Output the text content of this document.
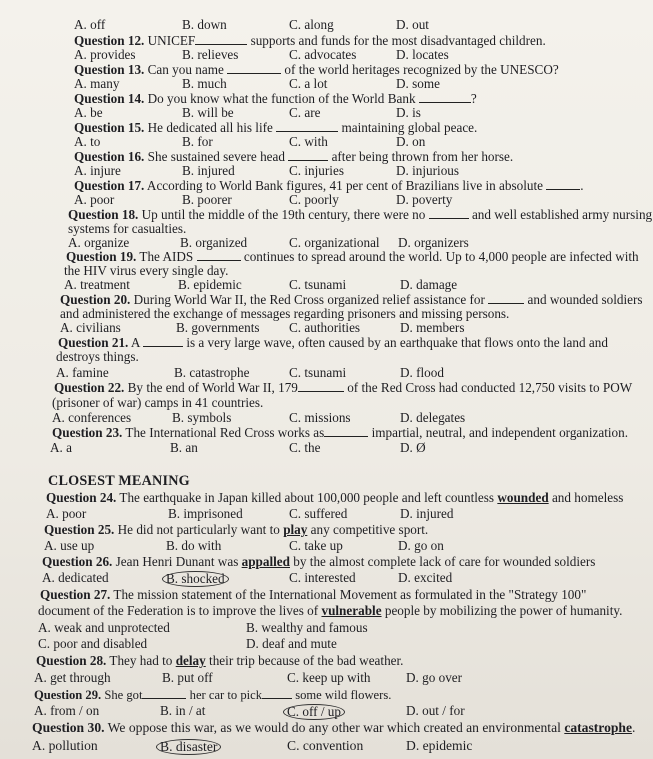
A. off	B. down	C. along	D. out
Question 12. UNICEF	supports and funds for the most disadvantaged children.
A. provides	B. relieves	C. advocates	D. locates
Question 13. Can you name	of the world heritages recognized by the UNESCO?
A. many	B. much	C. a lot	D. some
Question 14. Do you know what the function of the World Bank	?
A. be	B. will be	C. are	D. is
Question 15. He dedicated all his life	maintaining global peace.
A. to	B. for	C. with	D. on
Question 16. She sustained severe head	after being thrown from her horse.
A. injure	B. injured	C. injuries	D. injurious
Question 17. According to World Bank figures, 41 per cent of Brazilians live in absolute	.
A. poor	B. poorer	C. poorly	D. poverty
Question 18. Up until the middle of the 19th century, there were no	and well established army nursing
systems for casualties.
A. organize	B. organized	C. organizational D. organizers
Question 19. The AIDS	continues to spread around the world. Up to 4,000 people are infected with
the HIV virus every single day.
A. treatment	B. epidemic	C. tsunami	D. damage
Question 20. During World War II, the Red Cross organized relief assistance for	and wounded soldiers
and administered the exchange of messages regarding prisoners and missing persons.
A. civilians	B. governments C. authorities	D. members
Question 21. A	is a very large wave, often caused by an earthquake that flows onto the land and
destroys things.
A. famine	B. catastrophe	C. tsunami	D. flood
Question 22. By the end of World War II, 179	of the Red Cross had conducted 12,750 visits to POW
(prisoner of war) camps in 41 countries.
A. conferences	B. symbols	C. missions	D. delegates
Question 23. The International Red Cross works as	impartial, neutral, and independent organization.
A. a	B. an	C. the	D. Ø
CLOSEST MEANING
Question 24. The earthquake in Japan killed about 100,000 people and left countless wounded and homeless
A. poor	B. imprisoned	C. suffered	D. injured
Question 25. He did not particularly want to play any competitive sport.
A. use up	B. do with	C. take up	D. go on
Question 26. Jean Henri Dunant was appalled by the almost complete lack of care for wounded soldiers
A. dedicated	B. shocked	C. interested	D. excited
Question 27. The mission statement of the International Movement as formulated in the "Strategy 100"
document of the Federation is to improve the lives of vulnerable people by mobilizing the power of humanity.
A. weak and unprotected	B. wealthy and famous
C. poor and disabled	D. deaf and mute
Question 28. They had to delay their trip because of the bad weather.
A. get through	B. put off	C. keep up with	D. go over
Question 29. She got	her car to pick	some wild flowers.
A. from / on	B. in / at	C. off / up	D. out / for
Question 30. We oppose this war, as we would do any other war which created an environmental catastrophe.
A. pollution	B. disaster	C. convention	D. epidemic
